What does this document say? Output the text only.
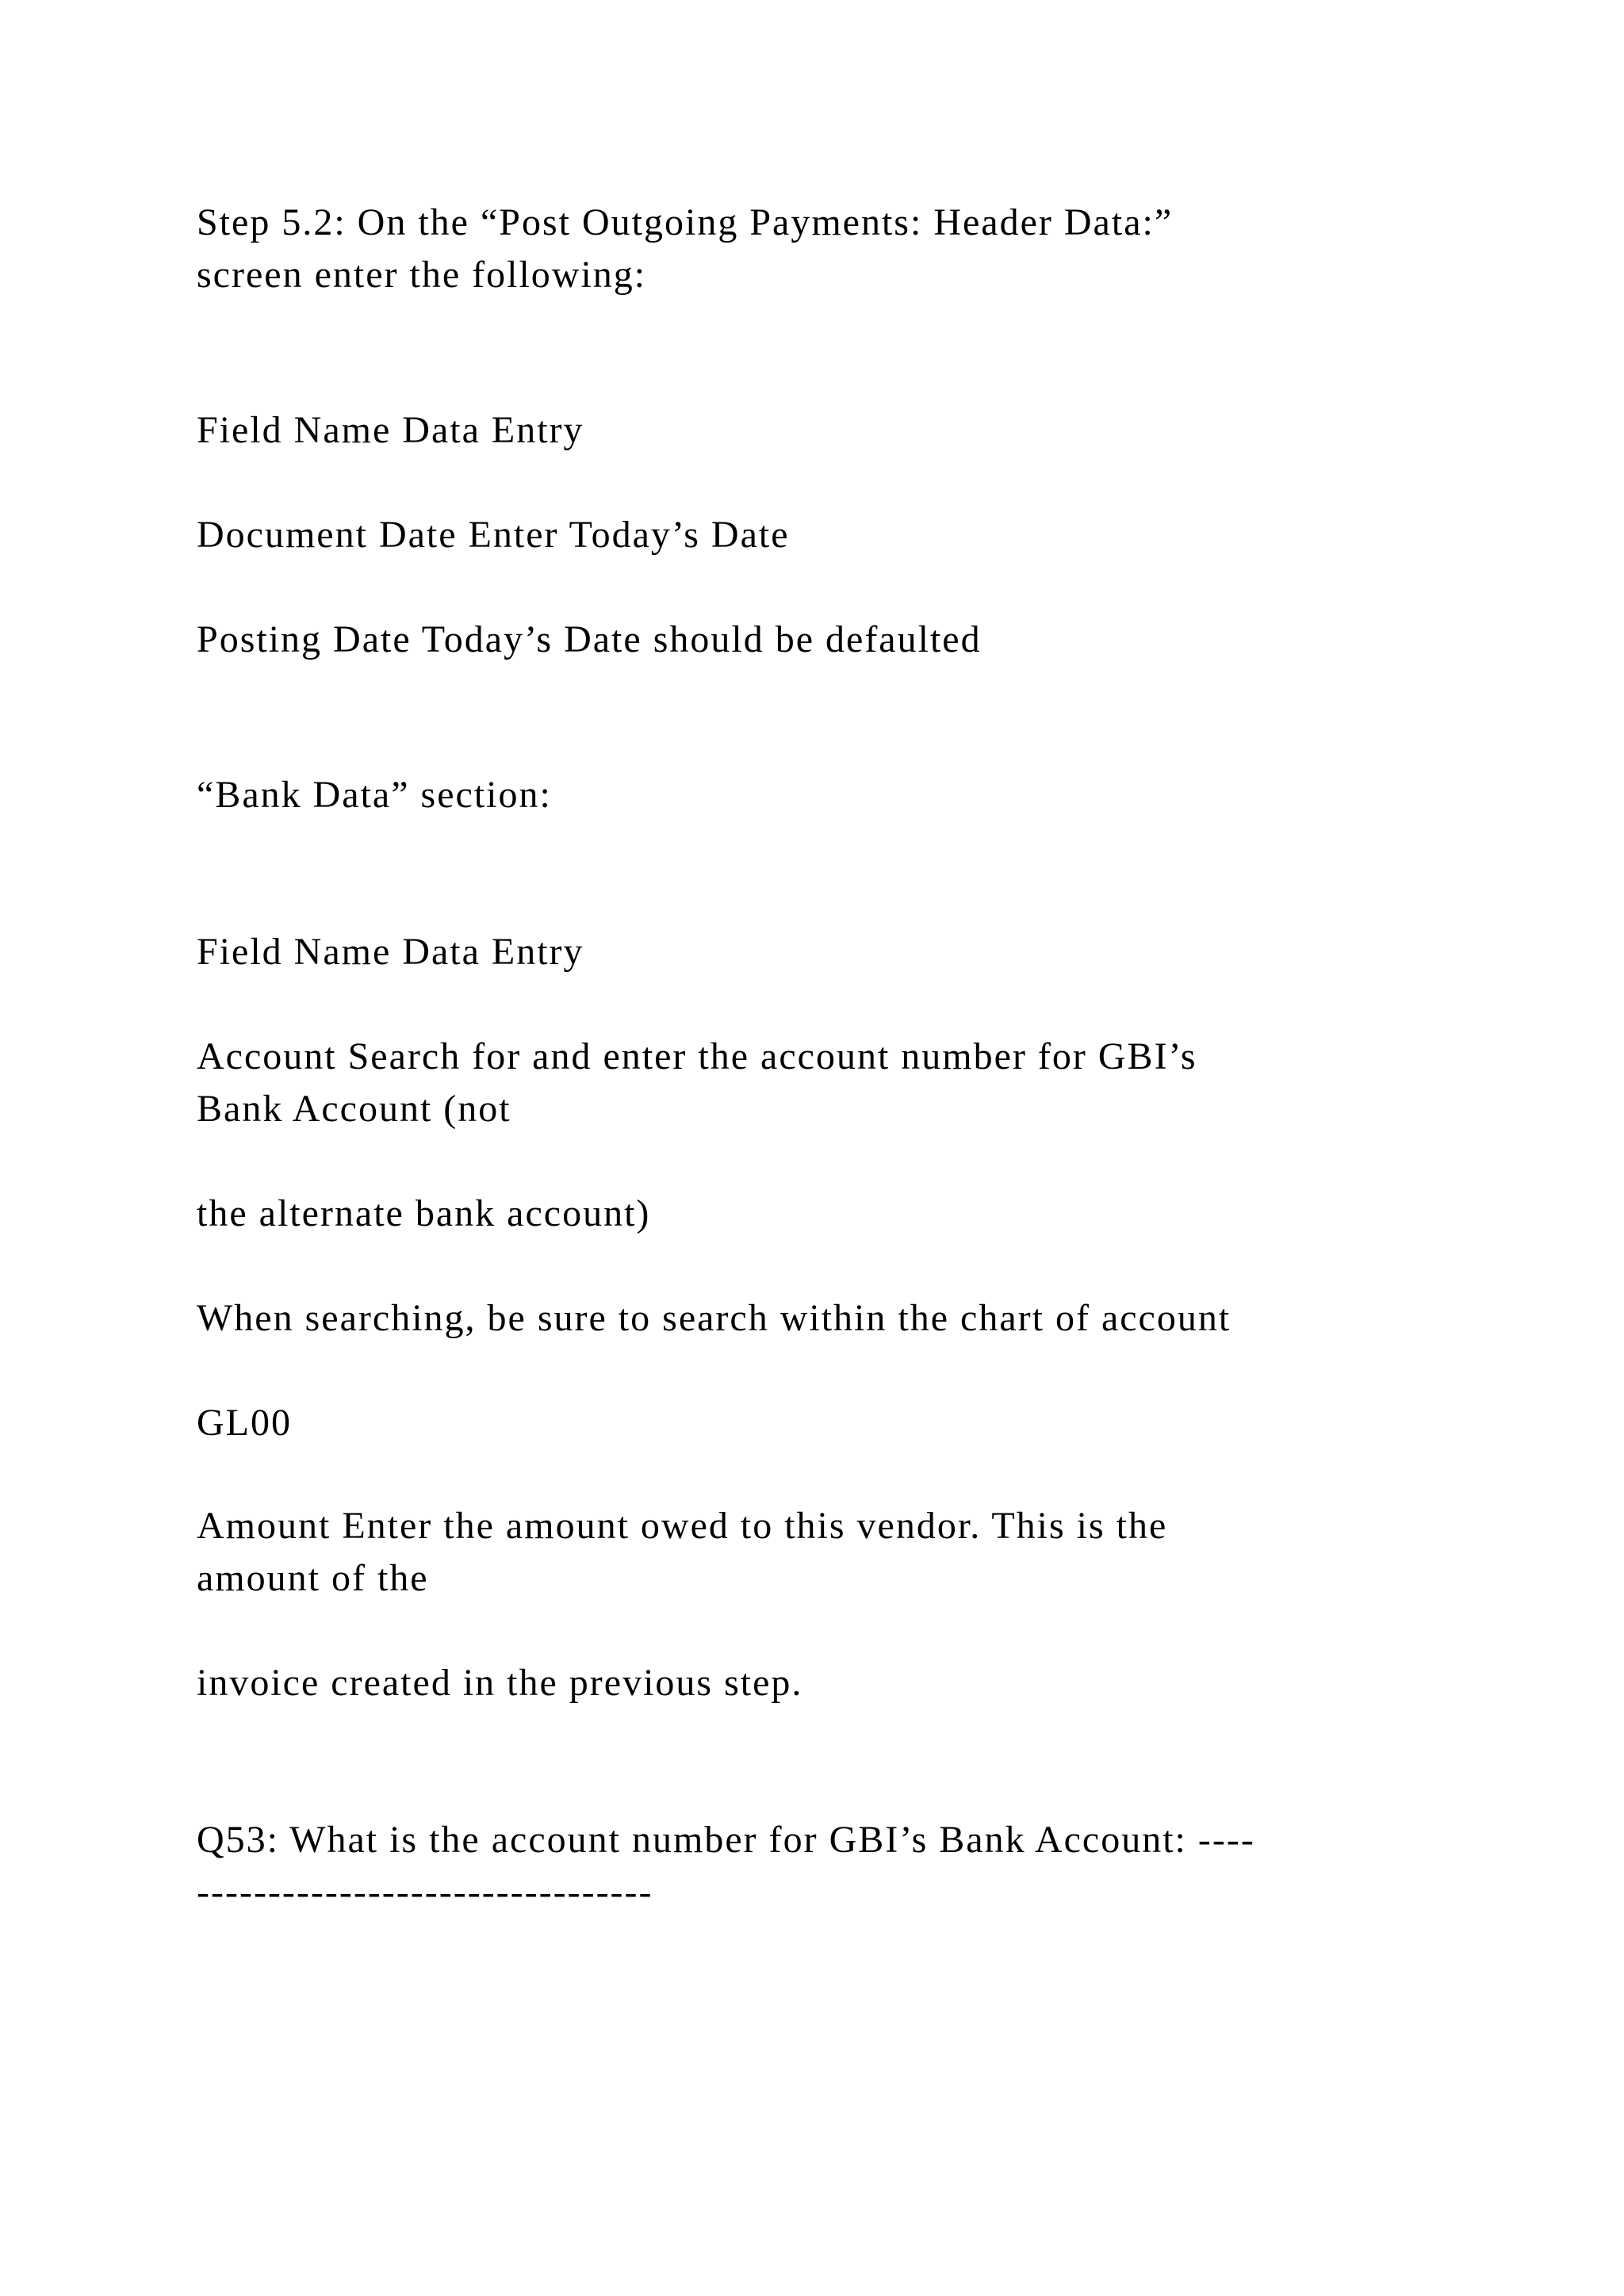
Step 5.2: On the “Post Outgoing Payments: Header Data:”

screen enter the following:

Field Name Data Entry

Document Date Enter Today’s Date

Posting Date Today’s Date should be defaulted

“Bank Data” section:

Field Name Data Entry

Account Search for and enter the account number for GBI’s

Bank Account (not

the alternate bank account)

When searching, be sure to search within the chart of account

GL00

Amount Enter the amount owed to this vendor. This is the

amount of the

invoice created in the previous step.

Q53: What is the account number for GBI’s Bank Account: ----

--------------------------------
